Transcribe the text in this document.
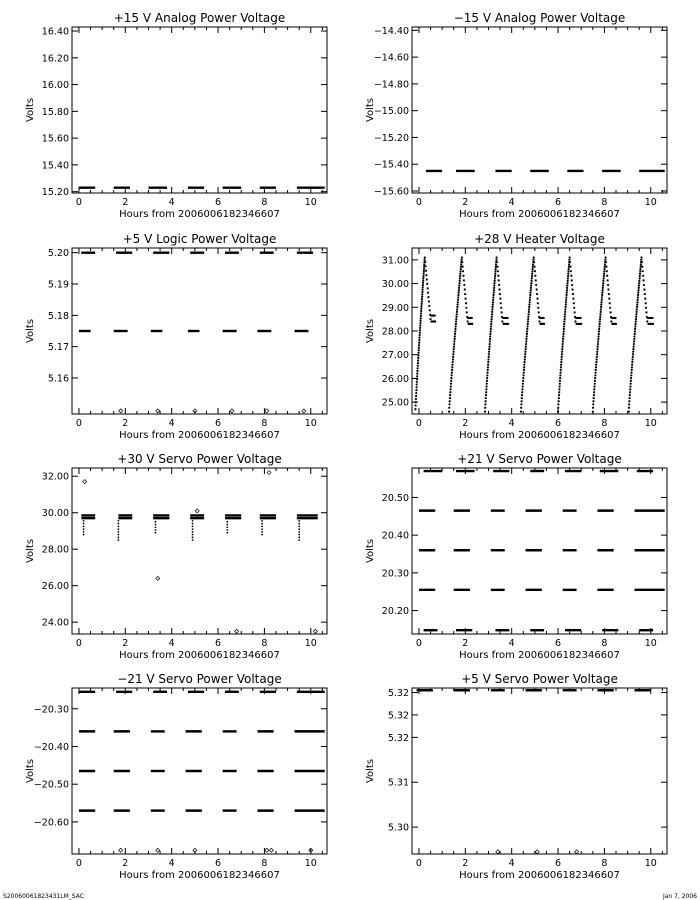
S20060061823431LM_SAC	Jan 7, 2006
+15 V Analog Power Voltage
0	2	4	6	8	10
15.20
15.40
15.60
15.80
16.00
16.20
16.40
Hours from 2006006182346607
Volts
−15 V Analog Power Voltage
0	2	4	6	8	10
−14.40
−14.60
−14.80
−15.00
−15.20
−15.40
−15.60
Hours from 2006006182346607
Volts
+5 V Logic Power Voltage
0	2	4	6	8	10
5.16
5.17
5.18
5.19
5.20
Hours from 2006006182346607
Volts
+28 V Heater Voltage
0	2	4	6	8	10
25.00
26.00
27.00
28.00
29.00
30.00
31.00
Hours from 2006006182346607
Volts
+30 V Servo Power Voltage
0	2	4	6	8	10
24.00
26.00
28.00
30.00
32.00
Hours from 2006006182346607
Volts
+21 V Servo Power Voltage
0	2	4	6	8	10
20.20
20.30
20.40
20.50
Hours from 2006006182346607
Volts
−21 V Servo Power Voltage
0	2	4	6	8	10
−20.30
−20.40
−20.50
−20.60
Hours from 2006006182346607
Volts
+5 V Servo Power Voltage
0	2	4	6	8	10
5.30
5.31
5.32
5.32
5.32
Hours from 2006006182346607
Volts
